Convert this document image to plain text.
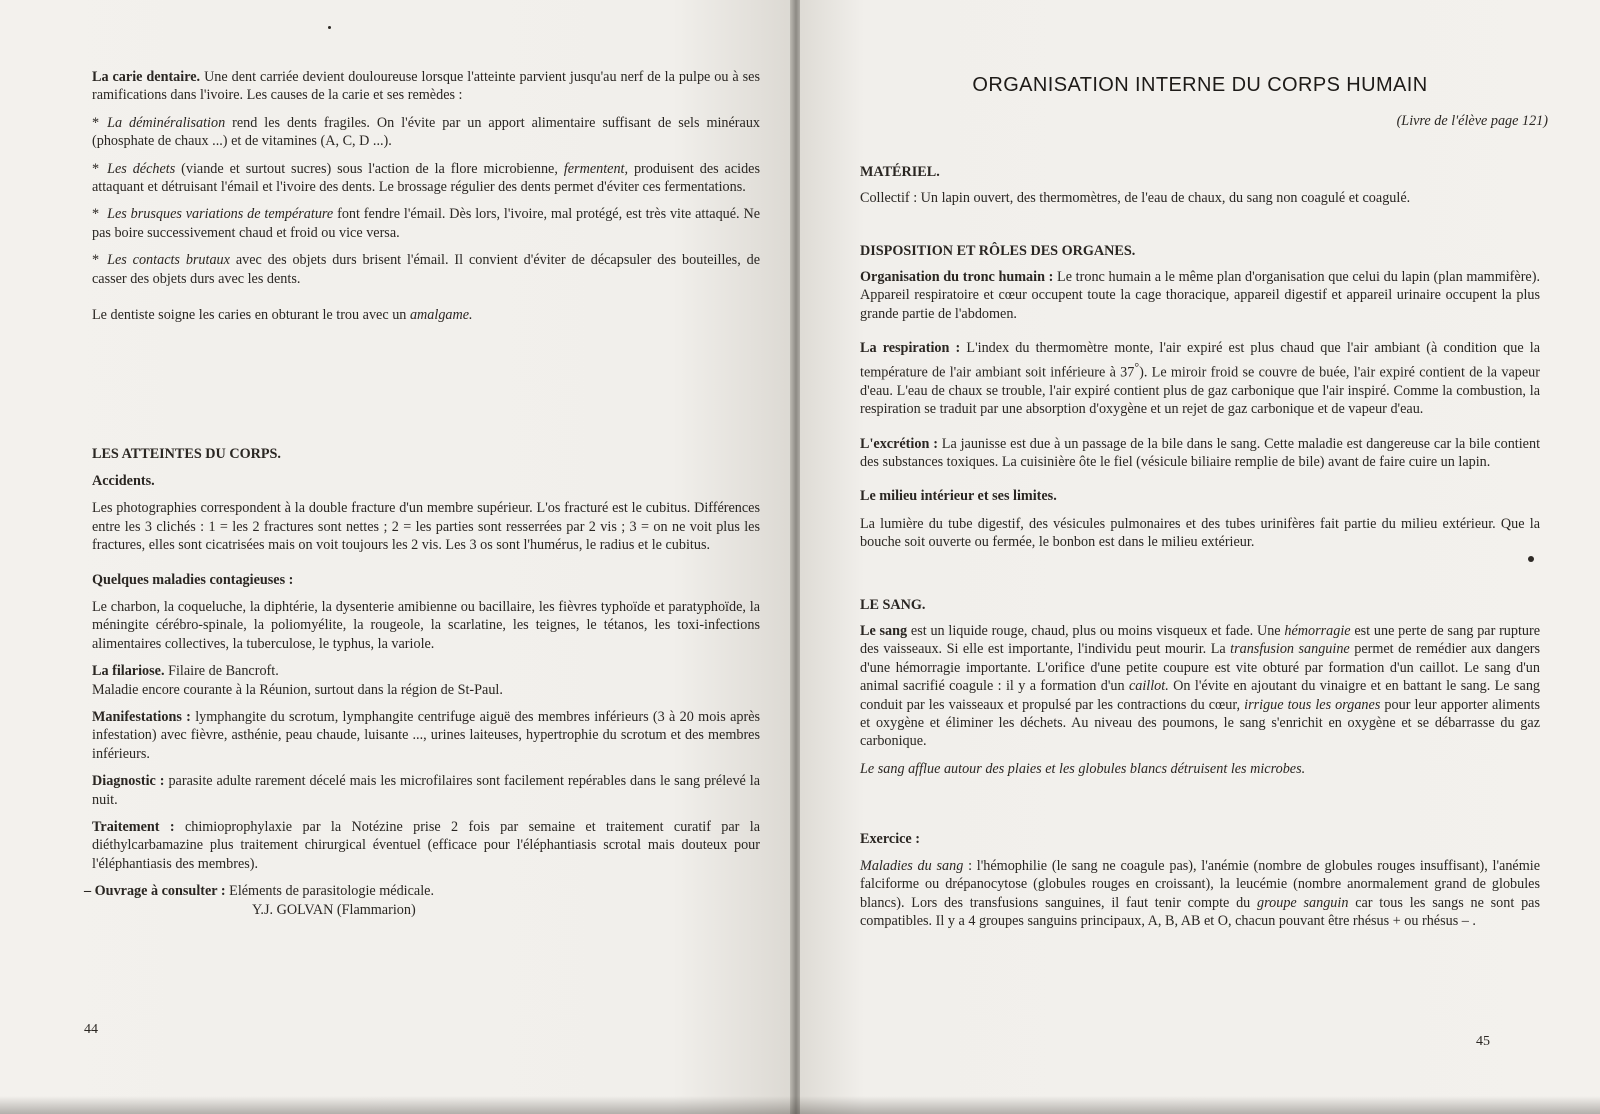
La carie dentaire. Une dent carriée devient douloureuse lorsque l'atteinte parvient jusqu'au nerf de la pulpe ou à ses ramifications dans l'ivoire. Les causes de la carie et ses remèdes :

* La déminéralisation rend les dents fragiles. On l'évite par un apport alimentaire suffisant de sels minéraux (phosphate de chaux ...) et de vitamines (A, C, D ...).

* Les déchets (viande et surtout sucres) sous l'action de la flore microbienne, fermentent, produisent des acides attaquant et détruisant l'émail et l'ivoire des dents. Le brossage régulier des dents permet d'éviter ces fermentations.

* Les brusques variations de température font fendre l'émail. Dès lors, l'ivoire, mal protégé, est très vite attaqué. Ne pas boire successivement chaud et froid ou vice versa.

* Les contacts brutaux avec des objets durs brisent l'émail. Il convient d'éviter de décapsuler des bouteilles, de casser des objets durs avec les dents.

Le dentiste soigne les caries en obturant le trou avec un amalgame.

LES ATTEINTES DU CORPS.
Accidents.

Les photographies correspondent à la double fracture d'un membre supérieur. L'os fracturé est le cubitus. Différences entre les 3 clichés : 1 = les 2 fractures sont nettes ; 2 = les parties sont resserrées par 2 vis ; 3 = on ne voit plus les fractures, elles sont cicatrisées mais on voit toujours les 2 vis. Les 3 os sont l'humérus, le radius et le cubitus.

Quelques maladies contagieuses :

Le charbon, la coqueluche, la diphtérie, la dysenterie amibienne ou bacillaire, les fièvres typhoïde et paratyphoïde, la méningite cérébro-spinale, la poliomyélite, la rougeole, la scarlatine, les teignes, le tétanos, les toxi-infections alimentaires collectives, la tuberculose, le typhus, la variole.

La filariose. Filaire de Bancroft.
Maladie encore courante à la Réunion, surtout dans la région de St-Paul.

Manifestations : lymphangite du scrotum, lymphangite centrifuge aiguë des membres inférieurs (3 à 20 mois après infestation) avec fièvre, asthénie, peau chaude, luisante ..., urines laiteuses, hypertrophie du scrotum et des membres inférieurs.

Diagnostic : parasite adulte rarement décelé mais les microfilaires sont facilement repérables dans le sang prélevé la nuit.

Traitement : chimioprophylaxie par la Notézine prise 2 fois par semaine et traitement curatif par la diéthylcarbamazine plus traitement chirurgical éventuel (efficace pour l'éléphantiasis scrotal mais douteux pour l'éléphantiasis des membres).

– Ouvrage à consulter : Eléments de parasitologie médicale.
Y.J. GOLVAN (Flammarion)
44
ORGANISATION INTERNE DU CORPS HUMAIN
(Livre de l'élève page 121)
MATÉRIEL.

Collectif : Un lapin ouvert, des thermomètres, de l'eau de chaux, du sang non coagulé et coagulé.

DISPOSITION ET RÔLES DES ORGANES.

Organisation du tronc humain : Le tronc humain a le même plan d'organisation que celui du lapin (plan mammifère). Appareil respiratoire et cœur occupent toute la cage thoracique, appareil digestif et appareil urinaire occupent la plus grande partie de l'abdomen.

La respiration : L'index du thermomètre monte, l'air expiré est plus chaud que l'air ambiant (à condition que la température de l'air ambiant soit inférieure à 37°). Le miroir froid se couvre de buée, l'air expiré contient de la vapeur d'eau. L'eau de chaux se trouble, l'air expiré contient plus de gaz carbonique que l'air inspiré. Comme la combustion, la respiration se traduit par une absorption d'oxygène et un rejet de gaz carbonique et de vapeur d'eau.

L'excrétion : La jaunisse est due à un passage de la bile dans le sang. Cette maladie est dangereuse car la bile contient des substances toxiques. La cuisinière ôte le fiel (vésicule biliaire remplie de bile) avant de faire cuire un lapin.

Le milieu intérieur et ses limites.

La lumière du tube digestif, des vésicules pulmonaires et des tubes urinifères fait partie du milieu extérieur. Que la bouche soit ouverte ou fermée, le bonbon est dans le milieu extérieur.

LE SANG.

Le sang est un liquide rouge, chaud, plus ou moins visqueux et fade. Une hémorragie est une perte de sang par rupture des vaisseaux. Si elle est importante, l'individu peut mourir. La transfusion sanguine permet de remédier aux dangers d'une hémorragie importante. L'orifice d'une petite coupure est vite obturé par formation d'un caillot. Le sang d'un animal sacrifié coagule : il y a formation d'un caillot. On l'évite en ajoutant du vinaigre et en battant le sang. Le sang conduit par les vaisseaux et propulsé par les contractions du cœur, irrigue tous les organes pour leur apporter aliments et oxygène et éliminer les déchets. Au niveau des poumons, le sang s'enrichit en oxygène et se débarrasse du gaz carbonique.

Le sang afflue autour des plaies et les globules blancs détruisent les microbes.

Exercice :

Maladies du sang : l'hémophilie (le sang ne coagule pas), l'anémie (nombre de globules rouges insuffisant), l'anémie falciforme ou drépanocytose (globules rouges en croissant), la leucémie (nombre anormalement grand de globules blancs). Lors des transfusions sanguines, il faut tenir compte du groupe sanguin car tous les sangs ne sont pas compatibles. Il y a 4 groupes sanguins principaux, A, B, AB et O, chacun pouvant être rhésus + ou rhésus – .

45
